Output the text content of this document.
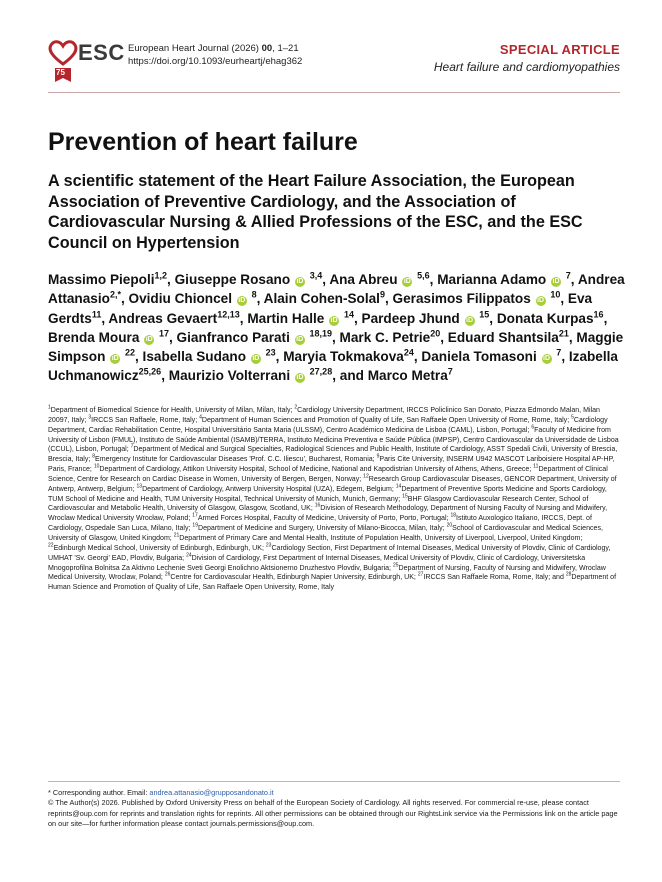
75
ESC European Heart Journal (2026) 00, 1–21
https://doi.org/10.1093/eurheartj/ehag362
SPECIAL ARTICLE
Heart failure and cardiomyopathies
Prevention of heart failure
A scientific statement of the Heart Failure Association, the European Association of Preventive Cardiology, and the Association of Cardiovascular Nursing & Allied Professions of the ESC, and the ESC Council on Hypertension
Massimo Piepoli$^{1,2}$, Giuseppe Rosano iD $^{3,4}$, Ana Abreu iD $^{5,6}$, Marianna Adamo iD $^7$, Andrea Attanasio$^{2,*}$, Ovidiu Chioncel iD $^8$, Alain Cohen-Solal$^9$, Gerasimos Filippatos iD $^{10}$, Eva Gerdts$^{11}$, Andreas Gevaert$^{12,13}$, Martin Halle iD $^{14}$, Pardeep Jhund iD $^{15}$, Donata Kurpas$^{16}$, Brenda Moura iD $^{17}$, Gianfranco Parati iD $^{18,19}$, Mark C. Petrie$^{20}$, Eduard Shantsila$^{21}$, Maggie Simpson iD $^{22}$, Isabella Sudano iD $^{23}$, Maryia Tokmakova$^{24}$, Daniela Tomasoni iD $^7$, Izabella Uchmanowicz$^{25,26}$, Maurizio Volterrani iD $^{27,28}$, and Marco Metra$^7$
$^1$Department of Biomedical Science for Health, University of Milan, Milan, Italy; $^2$Cardiology University Department, IRCCS Policlinico San Donato, Piazza Edmondo Malan, Milan 20097, Italy; $^3$IRCCS San Raffaele, Rome, Italy; $^4$Department of Human Sciences and Promotion of Quality of Life, San Raffaele Open University of Rome, Rome, Italy; $^5$Cardiology Department, Cardiac Rehabilitation Centre, Hospital Universitário Santa Maria (ULSSM), Centro Académico Medicina de Lisboa (CAML), Lisbon, Portugal; $^6$Faculty of Medicine from University of Lisbon (FMUL), Instituto de Saúde Ambiental (ISAMB)/TERRA, Instituto Medicina Preventiva e Saúde Pública (IMPSP), Centro Cardiovascular da Universidade de Lisboa (CCUL), Lisbon, Portugal; $^7$Department of Medical and Surgical Specialties, Radiological Sciences and Public Health, Institute of Cardiology, ASST Spedali Civili, University of Brescia, Brescia, Italy; $^8$Emergency Institute for Cardiovascular Diseases 'Prof. C.C. Iliescu', Bucharest, Romania; $^9$Paris Cite University, INSERM U942 MASCOT Lariboisiere Hospital AP-HP, Paris, France; $^{10}$Department of Cardiology, Attikon University Hospital, School of Medicine, National and Kapodistrian University of Athens, Athens, Greece; $^{11}$Department of Clinical Science, Centre for Research on Cardiac Disease in Women, University of Bergen, Bergen, Norway; $^{12}$Research Group Cardiovascular Diseases, GENCOR Department, University of Antwerp, Antwerp, Belgium; $^{13}$Department of Cardiology, Antwerp University Hospital (UZA), Edegem, Belgium; $^{14}$Department of Preventive Sports Medicine and Sports Cardiology, TUM School of Medicine and Health, TUM University Hospital, Technical University of Munich, Munich, Germany; $^{15}$BHF Glasgow Cardiovascular Research Center, School of Cardiovascular and Metabolic Health, University of Glasgow, Glasgow, Scotland, UK; $^{16}$Division of Research Methodology, Department of Nursing Faculty of Nursing and Midwifery, Wroclaw Medical University Wrocław, Poland; $^{17}$Armed Forces Hospital, Faculty of Medicine, University of Porto, Porto, Portugal; $^{18}$Istituto Auxologico Italiano, IRCCS, Dept. of Cardiology, Ospedale San Luca, Milano, Italy; $^{19}$Department of Medicine and Surgery, University of Milano-Bicocca, Milan, Italy; $^{20}$School of Cardiovascular and Medical Sciences, University of Glasgow, United Kingdom; $^{21}$Department of Primary Care and Mental Health, Institute of Population Health, University of Liverpool, Liverpool, United Kingdom; $^{22}$Edinburgh Medical School, University of Edinburgh, Edinburgh, UK; $^{23}$Cardiology Section, First Department of Internal Diseases, Medical University of Plovdiv, Clinic of Cardiology, UMHAT 'Sv. Georgi' EAD, Plovdiv, Bulgaria; $^{24}$Division of Cardiology, First Department of Internal Diseases, Medical University of Plovdiv, Clinic of Cardiology, Universitetska Mnogoprofilna Bolnitsa Za Aktivno Lechenie Sveti Georgi Enolichno Aktsionerno Druzhestvo Plovdiv, Bulgaria; $^{25}$Department of Nursing, Faculty of Nursing and Midwifery, Wroclaw Medical University, Wroclaw, Poland; $^{26}$Centre for Cardiovascular Health, Edinburgh Napier University, Edinburgh, UK; $^{27}$IRCCS San Raffaele Roma, Rome, Italy; and $^{28}$Department of Human Science and Promotion of Quality of Life, San Raffaele Open University, Rome, Italy
* Corresponding author. Email: andrea.attanasio@grupposandonato.it
© The Author(s) 2026. Published by Oxford University Press on behalf of the European Society of Cardiology. All rights reserved. For commercial re-use, please contact reprints@oup.com for reprints and translation rights for reprints. All other permissions can be obtained through our RightsLink service via the Permissions link on the article page on our site—for further information please contact journals.permissions@oup.com.
